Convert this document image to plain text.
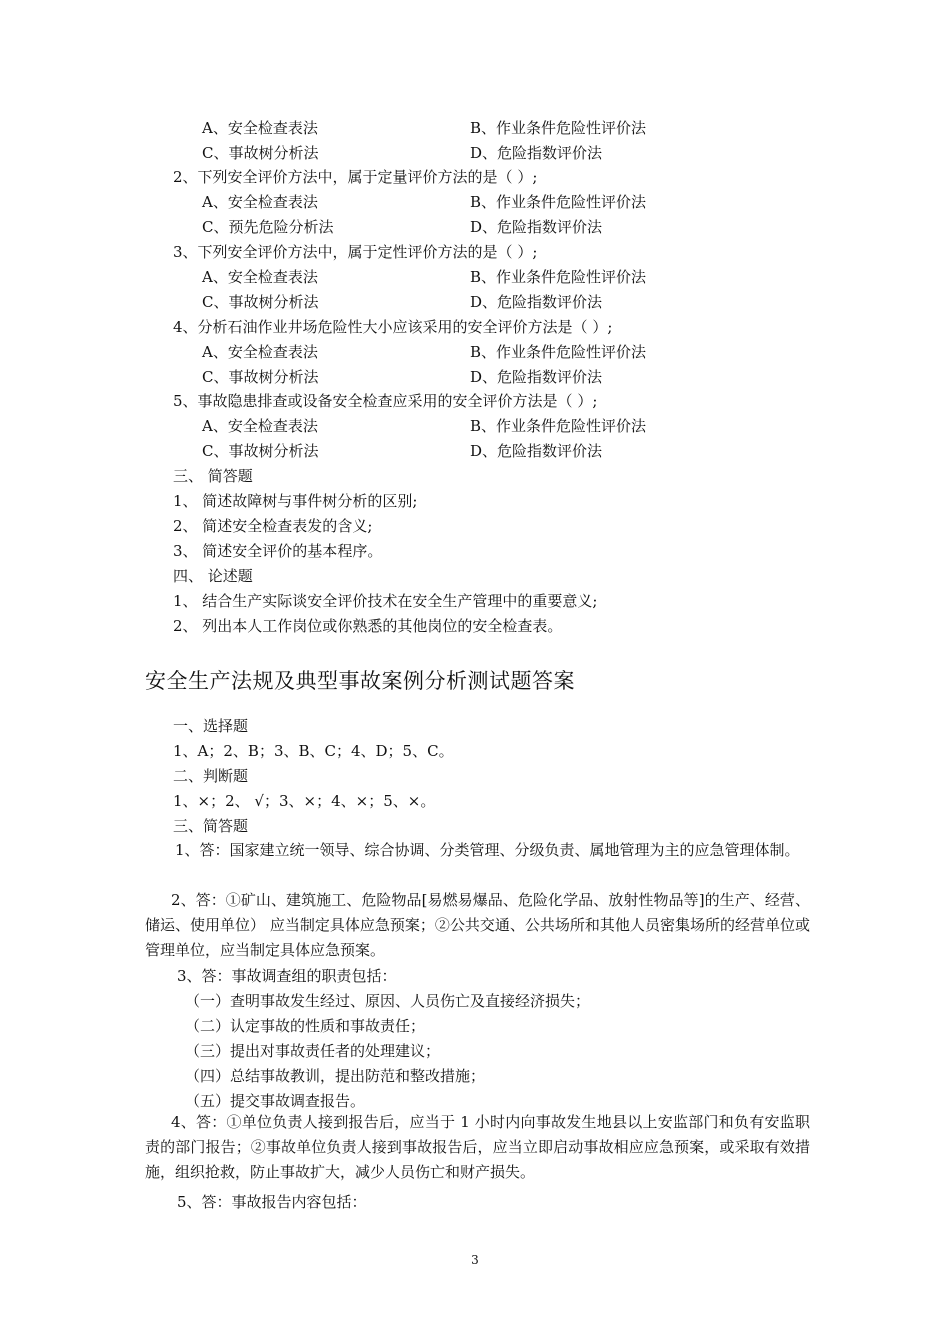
A、安全检查表法	B、作业条件危险性评价法
C、事故树分析法	D、危险指数评价法
2、下列安全评价方法中，属于定量评价方法的是（ ）;
A、安全检查表法	B、作业条件危险性评价法
C、预先危险分析法	D、危险指数评价法
3、下列安全评价方法中，属于定性评价方法的是（ ）;
A、安全检查表法	B、作业条件危险性评价法
C、事故树分析法	D、危险指数评价法
4、分析石油作业井场危险性大小应该采用的安全评价方法是（ ）;
A、安全检查表法	B、作业条件危险性评价法
C、事故树分析法	D、危险指数评价法
5、事故隐患排查或设备安全检查应采用的安全评价方法是（ ）;
A、安全检查表法	B、作业条件危险性评价法
C、事故树分析法	D、危险指数评价法
三、 简答题
1、 简述故障树与事件树分析的区别;
2、 简述安全检查表发的含义;
3、 简述安全评价的基本程序。
四、 论述题
1、 结合生产实际谈安全评价技术在安全生产管理中的重要意义;
2、 列出本人工作岗位或你熟悉的其他岗位的安全检查表。
安全生产法规及典型事故案例分析测试题答案
一、选择题
1、A；2、B；3、B、C；4、D；5、C。
二、判断题
1、×；2、 √；3、×；4、×；5、×。
三、简答题
1、答：国家建立统一领导、综合协调、分类管理、分级负责、属地管理为主的应急管理体制。
2、答：①矿山、建筑施工、危险物品[易燃易爆品、危险化学品、放射性物品等]的生产、经营、储运、使用单位） 应当制定具体应急预案；②公共交通、公共场所和其他人员密集场所的经营单位或管理单位，应当制定具体应急预案。
3、答：事故调查组的职责包括：
（一）查明事故发生经过、原因、人员伤亡及直接经济损失；
（二）认定事故的性质和事故责任；
（三）提出对事故责任者的处理建议；
（四）总结事故教训，提出防范和整改措施；
（五）提交事故调查报告。
4、答：①单位负责人接到报告后，应当于 1 小时内向事故发生地县以上安监部门和负有安监职责的部门报告；②事故单位负责人接到事故报告后，应当立即启动事故相应应急预案，或采取有效措施，组织抢救，防止事故扩大，减少人员伤亡和财产损失。
5、答：事故报告内容包括：
3
